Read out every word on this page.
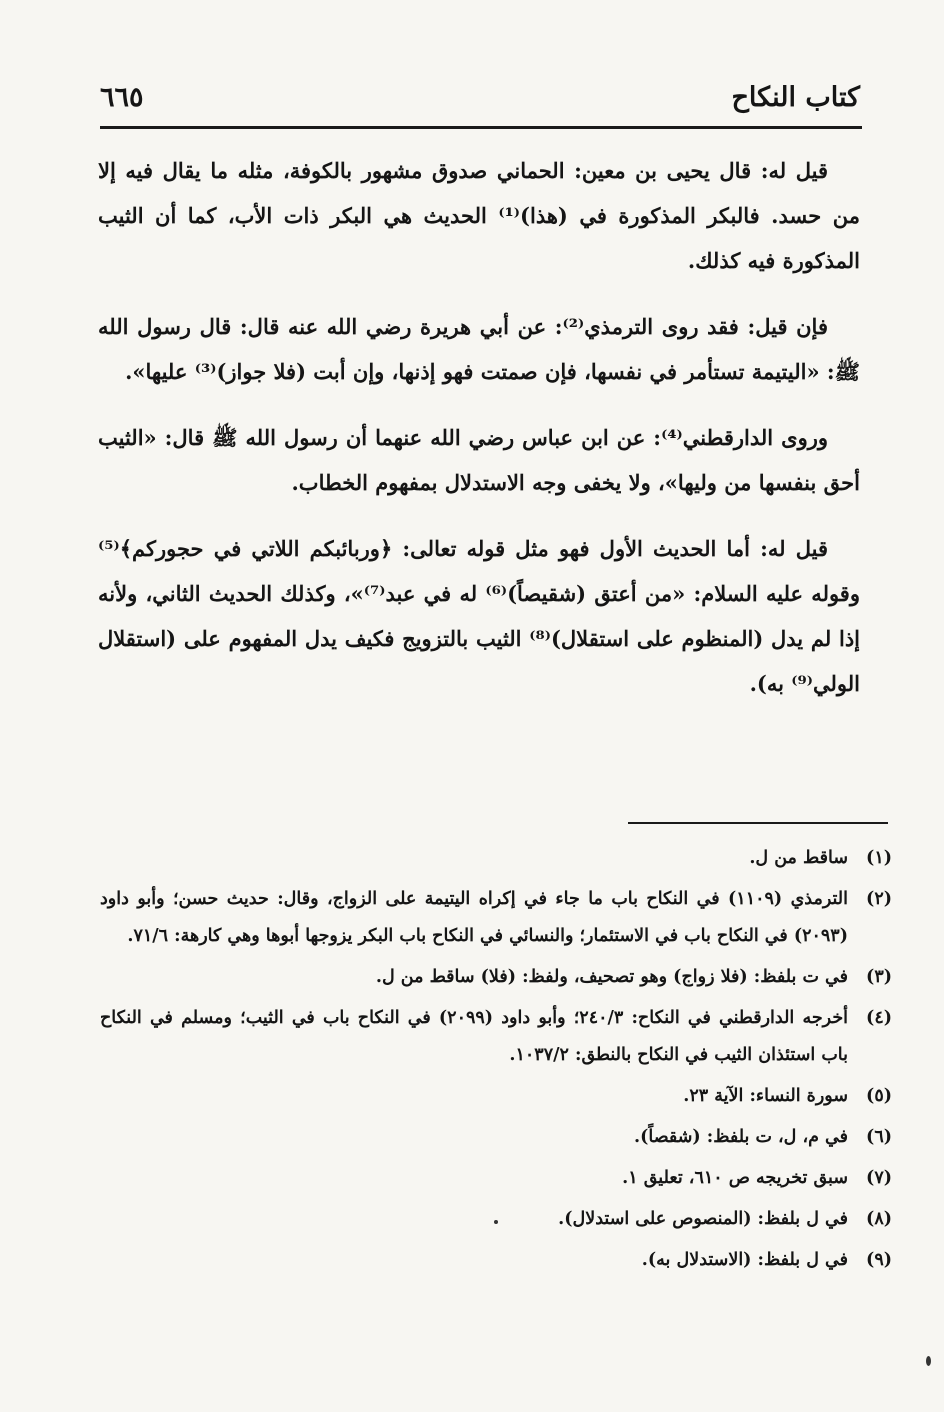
كتاب النكاح
٦٦٥

قيل له: قال يحيى بن معين: الحماني صدوق مشهور بالكوفة، مثله ما يقال فيه إلا من حسد. فالبكر المذكورة في (هذا)⁽¹⁾ الحديث هي البكر ذات الأب، كما أن الثيب المذكورة فيه كذلك.

فإن قيل: فقد روى الترمذي⁽²⁾: عن أبي هريرة رضي الله عنه قال: قال رسول الله ﷺ: «اليتيمة تستأمر في نفسها، فإن صمتت فهو إذنها، وإن أبت (فلا جواز)⁽³⁾ عليها».

وروى الدارقطني⁽⁴⁾: عن ابن عباس رضي الله عنهما أن رسول الله ﷺ قال: «الثيب أحق بنفسها من وليها»، ولا يخفى وجه الاستدلال بمفهوم الخطاب.

قيل له: أما الحديث الأول فهو مثل قوله تعالى: ﴿وربائبكم اللاتي في حجوركم﴾⁽⁵⁾ وقوله عليه السلام: «من أعتق (شقيصاً)⁽⁶⁾ له في عبد⁽⁷⁾»، وكذلك الحديث الثاني، ولأنه إذا لم يدل (المنظوم على استقلال)⁽⁸⁾ الثيب بالتزويج فكيف يدل المفهوم على (استقلال الولي⁽⁹⁾ به).

(١)
ساقط من ل.
(٢)
الترمذي (١١٠٩) في النكاح باب ما جاء في إكراه اليتيمة على الزواج، وقال: حديث حسن؛ وأبو داود (٢٠٩٣) في النكاح باب في الاستئمار؛ والنسائي في النكاح باب البكر يزوجها أبوها وهي كارهة: ٧١/٦.
(٣)
في ت بلفظ: (فلا زواج) وهو تصحيف، ولفظ: (فلا) ساقط من ل.
(٤)
أخرجه الدارقطني في النكاح: ٢٤٠/٣؛ وأبو داود (٢٠٩٩) في النكاح باب في الثيب؛ ومسلم في النكاح باب استئذان الثيب في النكاح بالنطق: ١٠٣٧/٢.
(٥)
سورة النساء: الآية ٢٣.
(٦)
في م، ل، ت بلفظ: (شقصاً).
(٧)
سبق تخريجه ص ٦١٠، تعليق ١.
(٨)
في ل بلفظ: (المنصوص على استدلال).
(٩)
في ل بلفظ: (الاستدلال به).
